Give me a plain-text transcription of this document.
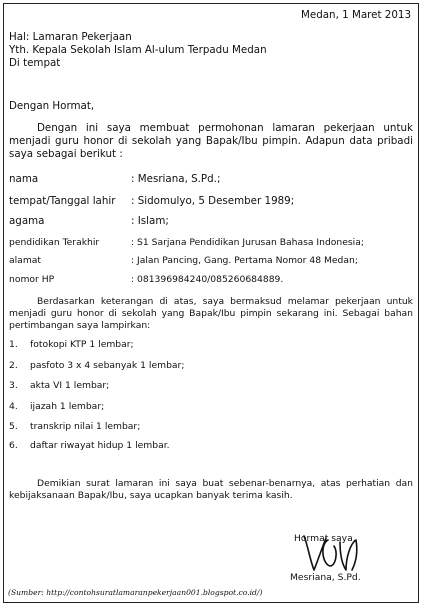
Medan, 1 Maret 2013
Hal: Lamaran Pekerjaan
Yth. Kepala Sekolah Islam Al-ulum Terpadu Medan
Di tempat
Dengan Hormat,
Dengan ini saya membuat permohonan lamaran pekerjaan untuk menjadi guru honor di sekolah yang Bapak/Ibu pimpin. Adapun data pribadi saya sebagai berikut :
nama	: Mesriana, S.Pd.;
tempat/Tanggal lahir : Sidomulyo, 5 Desember 1989;
agama	: Islam;
pendidikan Terakhir	: S1 Sarjana Pendidikan Jurusan Bahasa Indonesia;
alamat	: Jalan Pancing, Gang. Pertama Nomor 48 Medan;
nomor HP	: 081396984240/085260684889.
Berdasarkan keterangan di atas, saya bermaksud melamar pekerjaan untuk menjadi guru honor di sekolah yang Bapak/Ibu pimpin sekarang ini. Sebagai bahan pertimbangan saya lampirkan:
1. fotokopi KTP 1 lembar;
2. pasfoto 3 x 4 sebanyak 1 lembar;
3. akta VI 1 lembar;
4. ijazah 1 lembar;
5. transkrip nilai 1 lembar;
6. daftar riwayat hidup 1 lembar.
Demikian surat lamaran ini saya buat sebenar-benarnya, atas perhatian dan kebijaksanaan Bapak/Ibu, saya ucapkan banyak terima kasih.
Hormat saya,
Mesriana, S.Pd.
(Sumber: http://contohsuratlamaranpekerjaan001.blogspot.co.id/)
